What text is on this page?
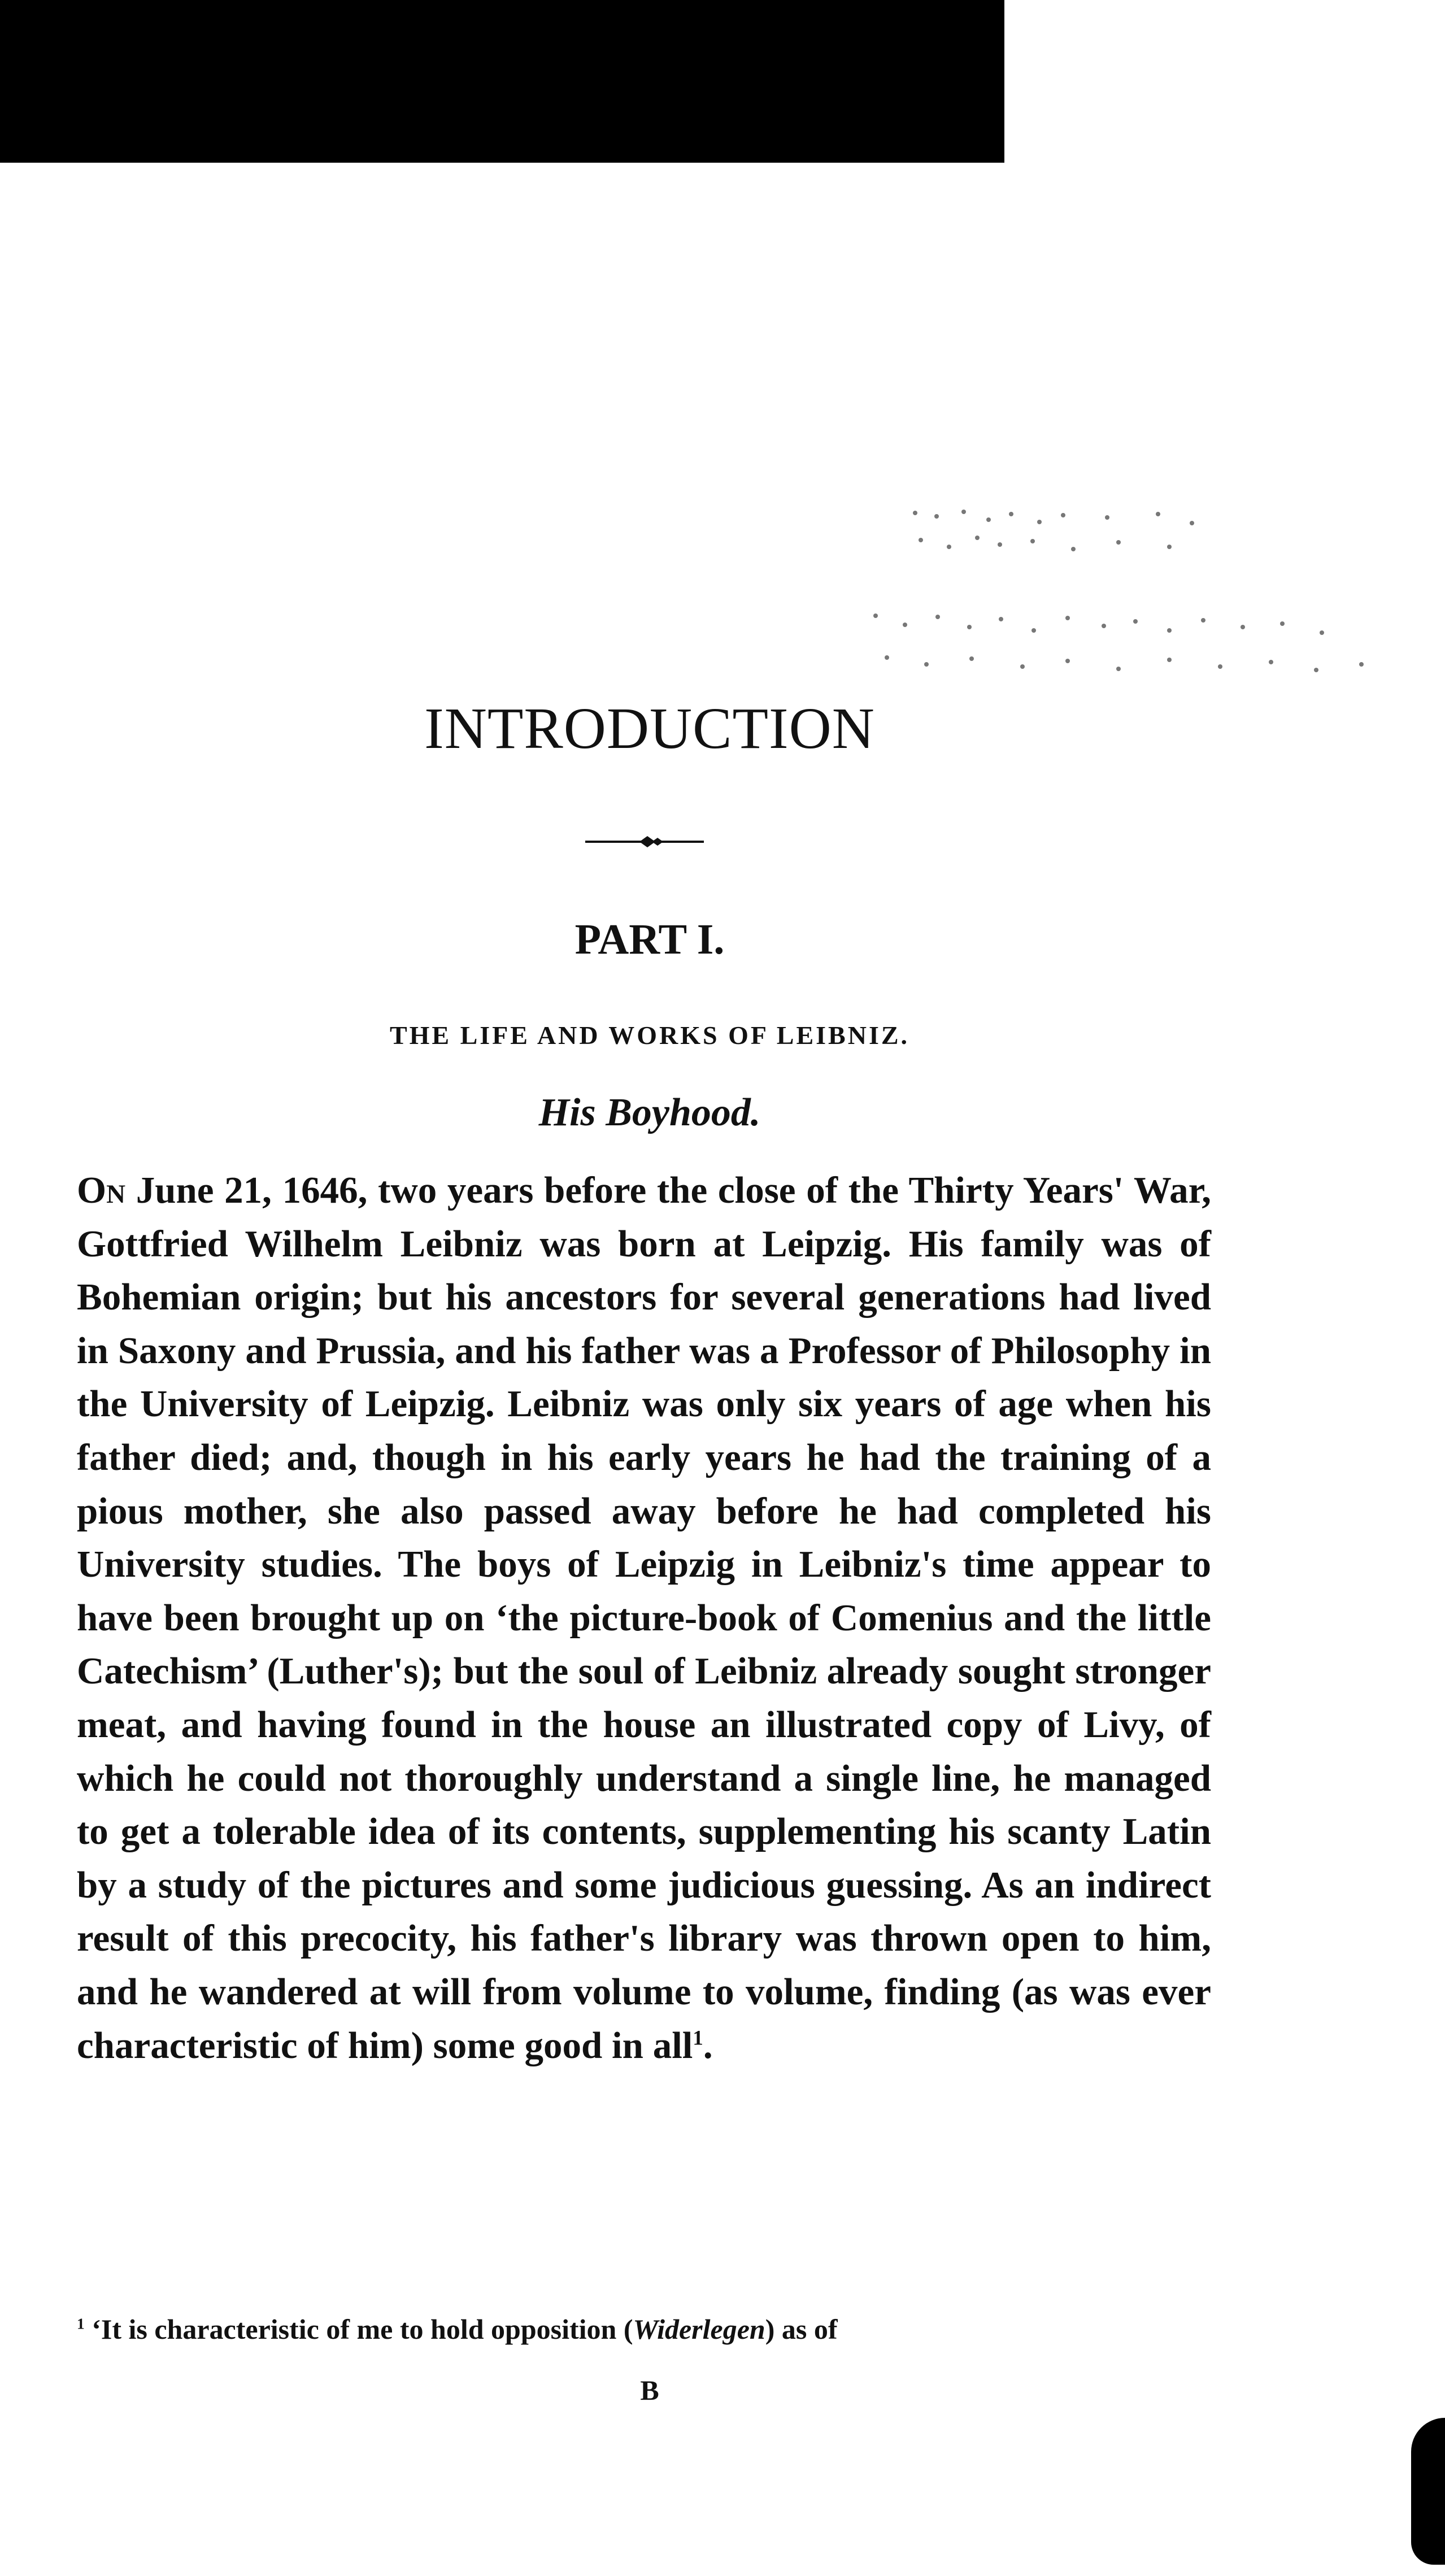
INTRODUCTION
PART I.
THE LIFE AND WORKS OF LEIBNIZ.
His Boyhood.

On June 21, 1646, two years before the close of the Thirty Years' War, Gottfried Wilhelm Leibniz was born at Leipzig. His family was of Bohemian origin; but his ancestors for several generations had lived in Saxony and Prussia, and his father was a Professor of Philosophy in the University of Leipzig. Leibniz was only six years of age when his father died; and, though in his early years he had the training of a pious mother, she also passed away before he had completed his University studies. The boys of Leipzig in Leibniz's time appear to have been brought up on ‘the picture-book of Comenius and the little Catechism’ (Luther's); but the soul of Leibniz already sought stronger meat, and having found in the house an illustrated copy of Livy, of which he could not thoroughly understand a single line, he managed to get a tolerable idea of its contents, supplementing his scanty Latin by a study of the pictures and some judicious guessing. As an indirect result of this precocity, his father's library was thrown open to him, and he wandered at will from volume to volume, finding (as was ever characteristic of him) some good in all$^1$.

$^1$ ‘It is characteristic of me to hold opposition (Widerlegen) as of

B
